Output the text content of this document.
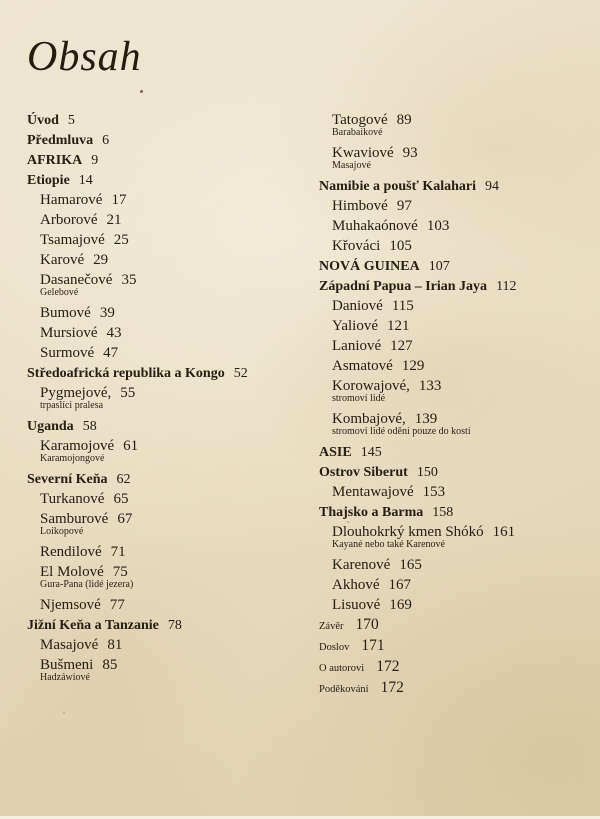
Obsah
Úvod 5
Předmluva 6
AFRIKA 9
Etiopie 14
Hamarové 17
Arborové 21
Tsamajové 25
Karové 29
Dasanečové 35
Gelebové
Bumové 39
Mursiové 43
Surmové 47
Středoafrická republika a Kongo 52
Pygmejové, 55
trpaslíci pralesa
Uganda 58
Karamojové 61
Karamojongové
Severní Keňa 62
Turkanové 65
Samburové 67
Loikopové
Rendilové 71
El Molové 75
Gura-Pana (lidé jezera)
Njemsové 77
Jižní Keňa a Tanzanie 78
Masajové 81
Bušmeni 85
Hadzáwiové
Tatogové 89
Barabaikové
Kwaviové 93
Masajové
Namibie a poušť Kalahari 94
Himbové 97
Muhakaónové 103
Křováci 105
NOVÁ GUINEA 107
Západní Papua – Irian Jaya 112
Daniové 115
Yaliové 121
Laniové 127
Asmatové 129
Korowajové, 133
stromoví lidé
Kombajové, 139
stromoví lidé odění pouze do kostí
ASIE 145
Ostrov Siberut 150
Mentawajové 153
Thajsko a Barma 158
Dlouhokrký kmen Shókó 161
Kayané nebo také Karenové
Karenové 165
Akhové 167
Lisuové 169
Závěr 170
Doslov 171
O autorovi 172
Poděkování 172
